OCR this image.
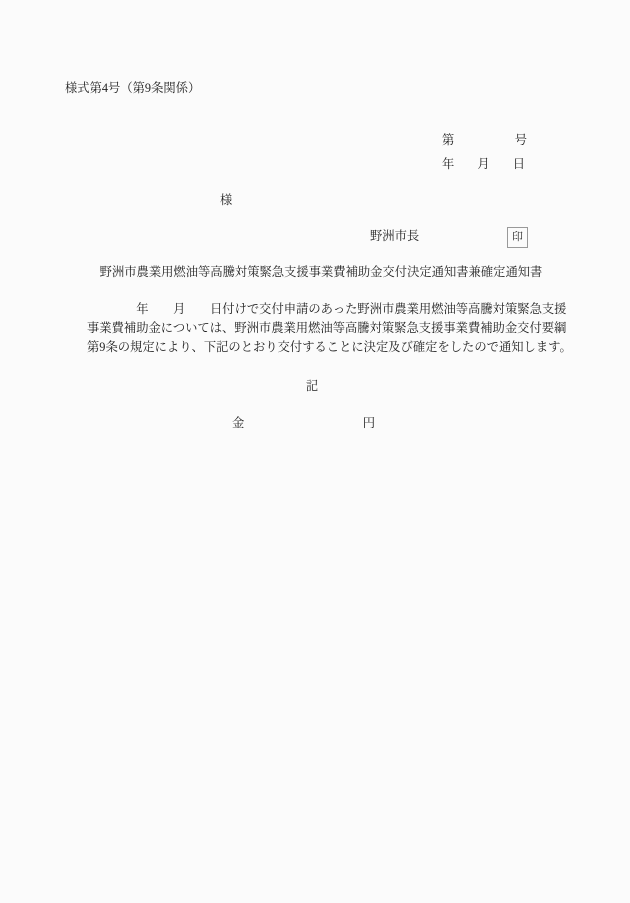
様式第4号（第9条関係）
第	号
年 月 日
様
野洲市長	印
野洲市農業用燃油等高騰対策緊急支援事業費補助金交付決定通知書兼確定通知書
　　　　年　　月　　日付けで交付申請のあった野洲市農業用燃油等高騰対策緊急支援
事業費補助金については、野洲市農業用燃油等高騰対策緊急支援事業費補助金交付要綱
第9条の規定により、下記のとおり交付することに決定及び確定をしたので通知します。
記
金	円
